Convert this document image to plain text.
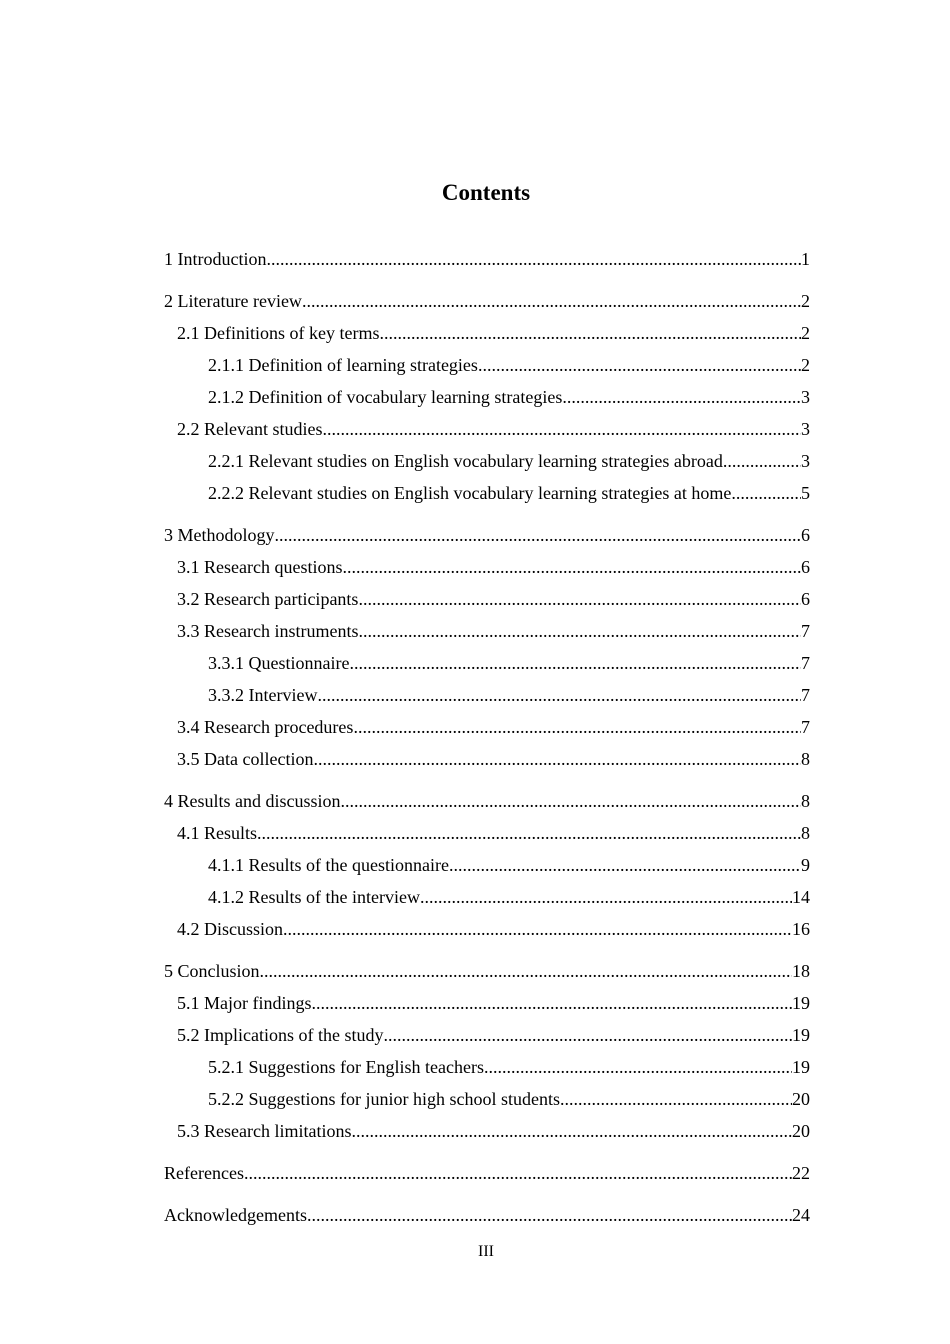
Contents
1 Introduction .....	1
2 Literature review .....	2
2.1 Definitions of key terms .....	2
2.1.1 Definition of learning strategies .....	2
2.1.2 Definition of vocabulary learning strategies .....	3
2.2 Relevant studies .....	3
2.2.1 Relevant studies on English vocabulary learning strategies abroad .....	3
2.2.2 Relevant studies on English vocabulary learning strategies at home .....	5
3 Methodology .....	6
3.1 Research questions .....	6
3.2 Research participants .....	6
3.3 Research instruments .....	7
3.3.1 Questionnaire .....	7
3.3.2 Interview .....	7
3.4 Research procedures .....	7
3.5 Data collection .....	8
4 Results and discussion .....	8
4.1 Results .....	8
4.1.1 Results of the questionnaire .....	9
4.1.2 Results of the interview .....	14
4.2 Discussion .....	16
5 Conclusion .....	18
5.1 Major findings .....	19
5.2 Implications of the study .....	19
5.2.1 Suggestions for English teachers .....	19
5.2.2 Suggestions for junior high school students .....	20
5.3 Research limitations .....	20
References .....	22
Acknowledgements .....	24
III
